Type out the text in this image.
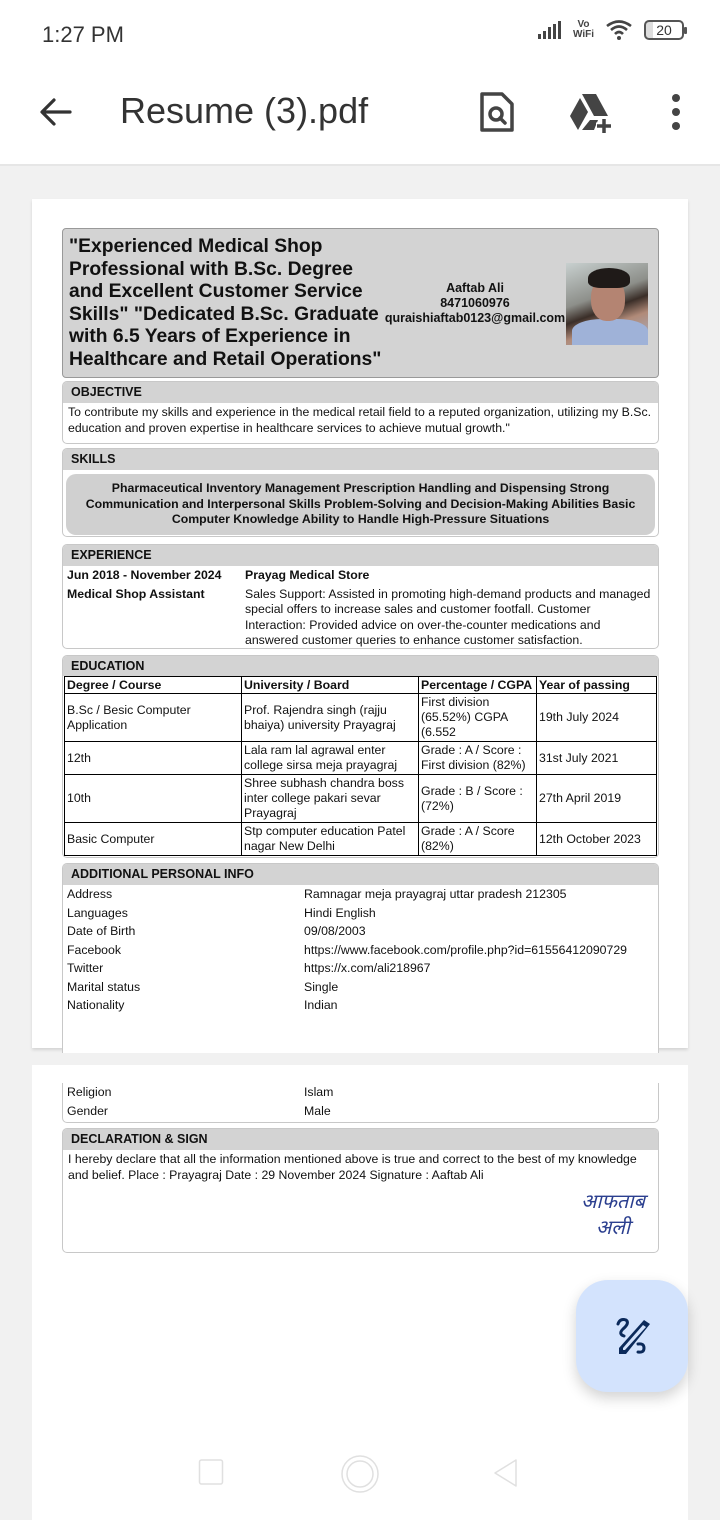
1:27 PM	Vo
WiFi	20
Resume (3).pdf
"Experienced Medical Shop Professional with B.Sc. Degree and Excellent Customer Service Skills" "Dedicated B.Sc. Graduate with 6.5 Years of Experience in Healthcare and Retail Operations"
Aaftab Ali
8471060976
quraishiaftab0123@gmail.com
OBJECTIVE
To contribute my skills and experience in the medical retail field to a reputed organization, utilizing my B.Sc. education and proven expertise in healthcare services to achieve mutual growth."
SKILLS
Pharmaceutical Inventory Management Prescription Handling and Dispensing Strong Communication and Interpersonal Skills Problem-Solving and Decision-Making Abilities Basic Computer Knowledge Ability to Handle High-Pressure Situations
EXPERIENCE
Jun 2018 - November 2024	Prayag Medical Store
Medical Shop Assistant	Sales Support: Assisted in promoting high-demand products and managed special offers to increase sales and customer footfall. Customer Interaction: Provided advice on over-the-counter medications and answered customer queries to enhance customer satisfaction.
EDUCATION
Degree / Course	University / Board	Percentage / CGPA	Year of passing
B.Sc / Besic Computer Application	Prof. Rajendra singh (rajju bhaiya) university Prayagraj	First division (65.52%) CGPA (6.552	19th July 2024
12th	Lala ram lal agrawal enter college sirsa meja prayagraj	Grade : A / Score : First division (82%)	31st July 2021
10th	Shree subhash chandra boss inter college pakari sevar Prayagraj	Grade : B / Score : (72%)	27th April 2019
Basic Computer	Stp computer education Patel nagar New Delhi	Grade : A / Score (82%)	12th October 2023
ADDITIONAL PERSONAL INFO
Address	Ramnagar meja prayagraj uttar pradesh 212305
Languages	Hindi English
Date of Birth	09/08/2003
Facebook	https://www.facebook.com/profile.php?id=61556412090729
Twitter	https://x.com/ali218967
Marital status	Single
Nationality	Indian
Religion	Islam
Gender	Male
DECLARATION & SIGN
I hereby declare that all the information mentioned above is true and correct to the best of my knowledge and belief. Place : Prayagraj Date : 29 November 2024 Signature : Aaftab Ali
आफताब
अली
